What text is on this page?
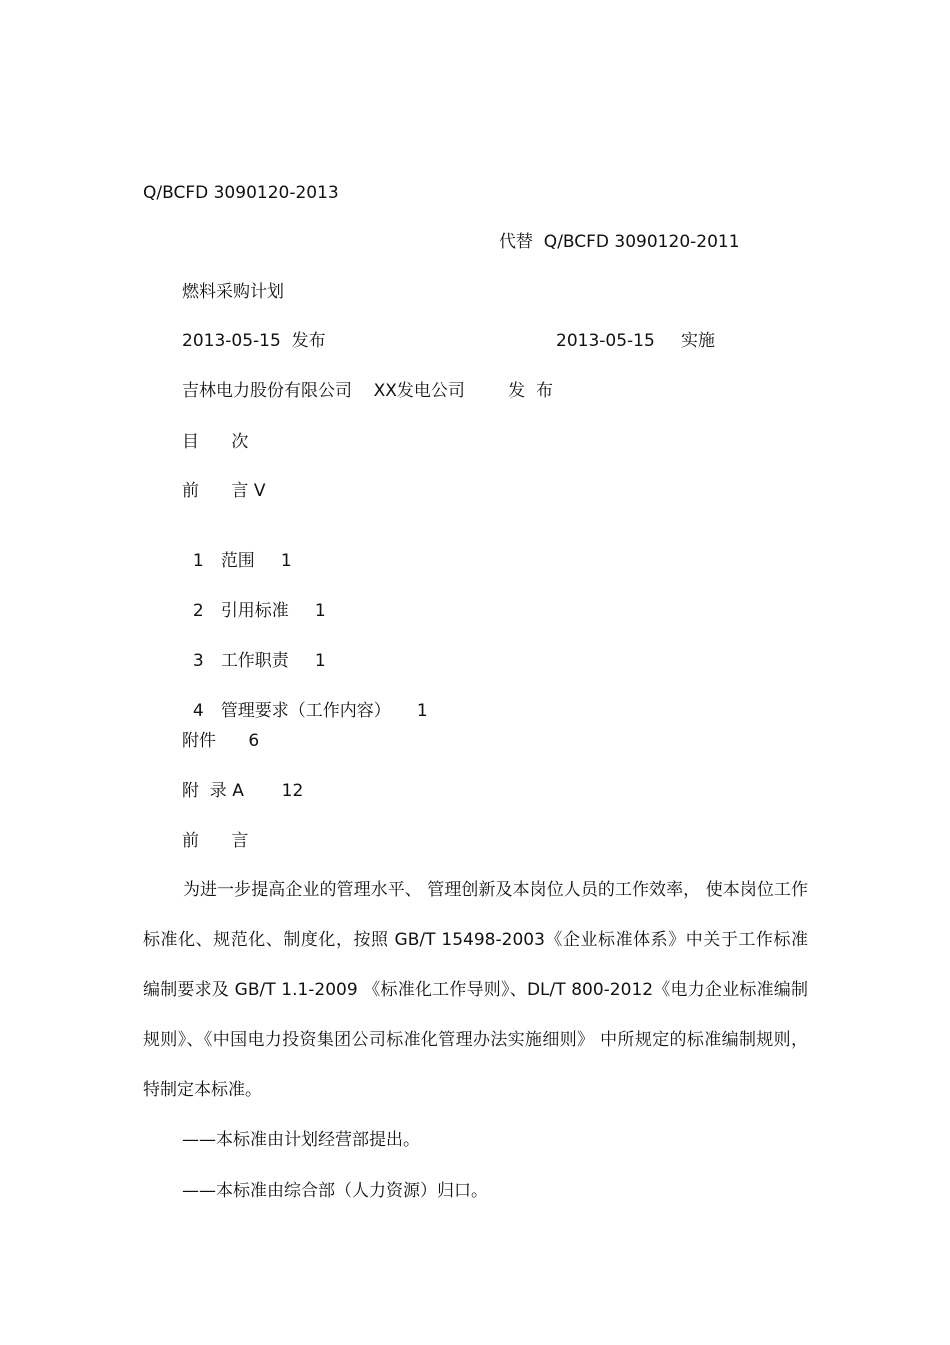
Q/BCFD 3090120-2013
代替  Q/BCFD 3090120-2011
燃料采购计划
2013-05-15  发布	2013-05-15 实施
吉林电力股份有限公司    XX发电公司        发  布
目      次
前      言 V

1 范围 1

2 引用标准 1

3 工作职责 1

4 管理要求（工作内容） 1

附件      6
附  录 A       12
前      言
为进一步提高企业的管理水平、 管理创新及本岗位人员的工作效率， 使本岗位工作标准化、规范化、制度化，按照 GB/T 15498-2003《企业标准体系》中关于工作标准编制要求及 GB/T 1.1-2009 《标准化工作导则》、DL/T 800-2012《电力企业标准编制规则》、《中国电力投资集团公司标准化管理办法实施细则》 中所规定的标准编制规则，特制定本标准。
——本标准由计划经营部提出。
——本标准由综合部（人力资源）归口。
